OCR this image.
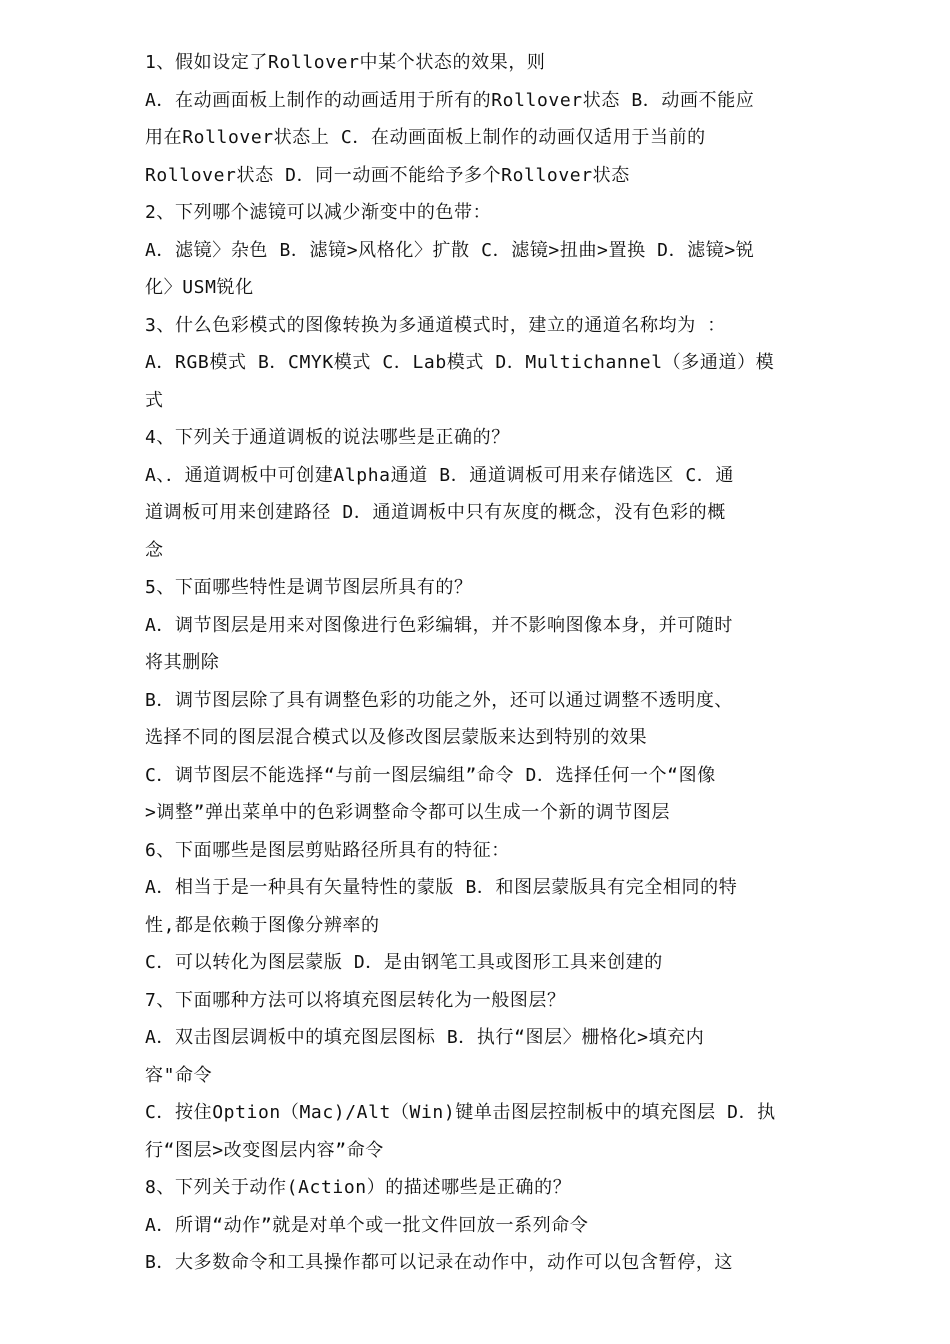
1、假如设定了Rollover中某个状态的效果，则
A．在动画面板上制作的动画适用于所有的Rollover状态 B．动画不能应
用在Rollover状态上 C．在动画面板上制作的动画仅适用于当前的
Rollover状态 D．同一动画不能给予多个Rollover状态
2、下列哪个滤镜可以减少渐变中的色带：
A．滤镜〉杂色 B．滤镜>风格化〉扩散 C．滤镜>扭曲>置换 D．滤镜>锐
化〉USM锐化
3、什么色彩模式的图像转换为多通道模式时，建立的通道名称均为 ：
A．RGB模式 B．CMYK模式 C．Lab模式 D．Multichannel（多通道）模
式
4、下列关于通道调板的说法哪些是正确的？
A、．通道调板中可创建Alpha通道 B．通道调板可用来存储选区 C．通
道调板可用来创建路径 D．通道调板中只有灰度的概念，没有色彩的概
念
5、下面哪些特性是调节图层所具有的？
A．调节图层是用来对图像进行色彩编辑，并不影响图像本身，并可随时
将其删除
B．调节图层除了具有调整色彩的功能之外，还可以通过调整不透明度、
选择不同的图层混合模式以及修改图层蒙版来达到特别的效果
C．调节图层不能选择“与前一图层编组”命令 D．选择任何一个“图像
>调整”弹出菜单中的色彩调整命令都可以生成一个新的调节图层
6、下面哪些是图层剪贴路径所具有的特征：
A．相当于是一种具有矢量特性的蒙版 B．和图层蒙版具有完全相同的特
性,都是依赖于图像分辨率的
C．可以转化为图层蒙版 D．是由钢笔工具或图形工具来创建的
7、下面哪种方法可以将填充图层转化为一般图层？
A．双击图层调板中的填充图层图标 B．执行“图层〉栅格化>填充内
容"命令
C．按住Option（Mac)/Alt（Win)键单击图层控制板中的填充图层 D．执
行“图层>改变图层内容”命令
8、下列关于动作(Action）的描述哪些是正确的？
A．所谓“动作”就是对单个或一批文件回放一系列命令
B．大多数命令和工具操作都可以记录在动作中，动作可以包含暂停，这
